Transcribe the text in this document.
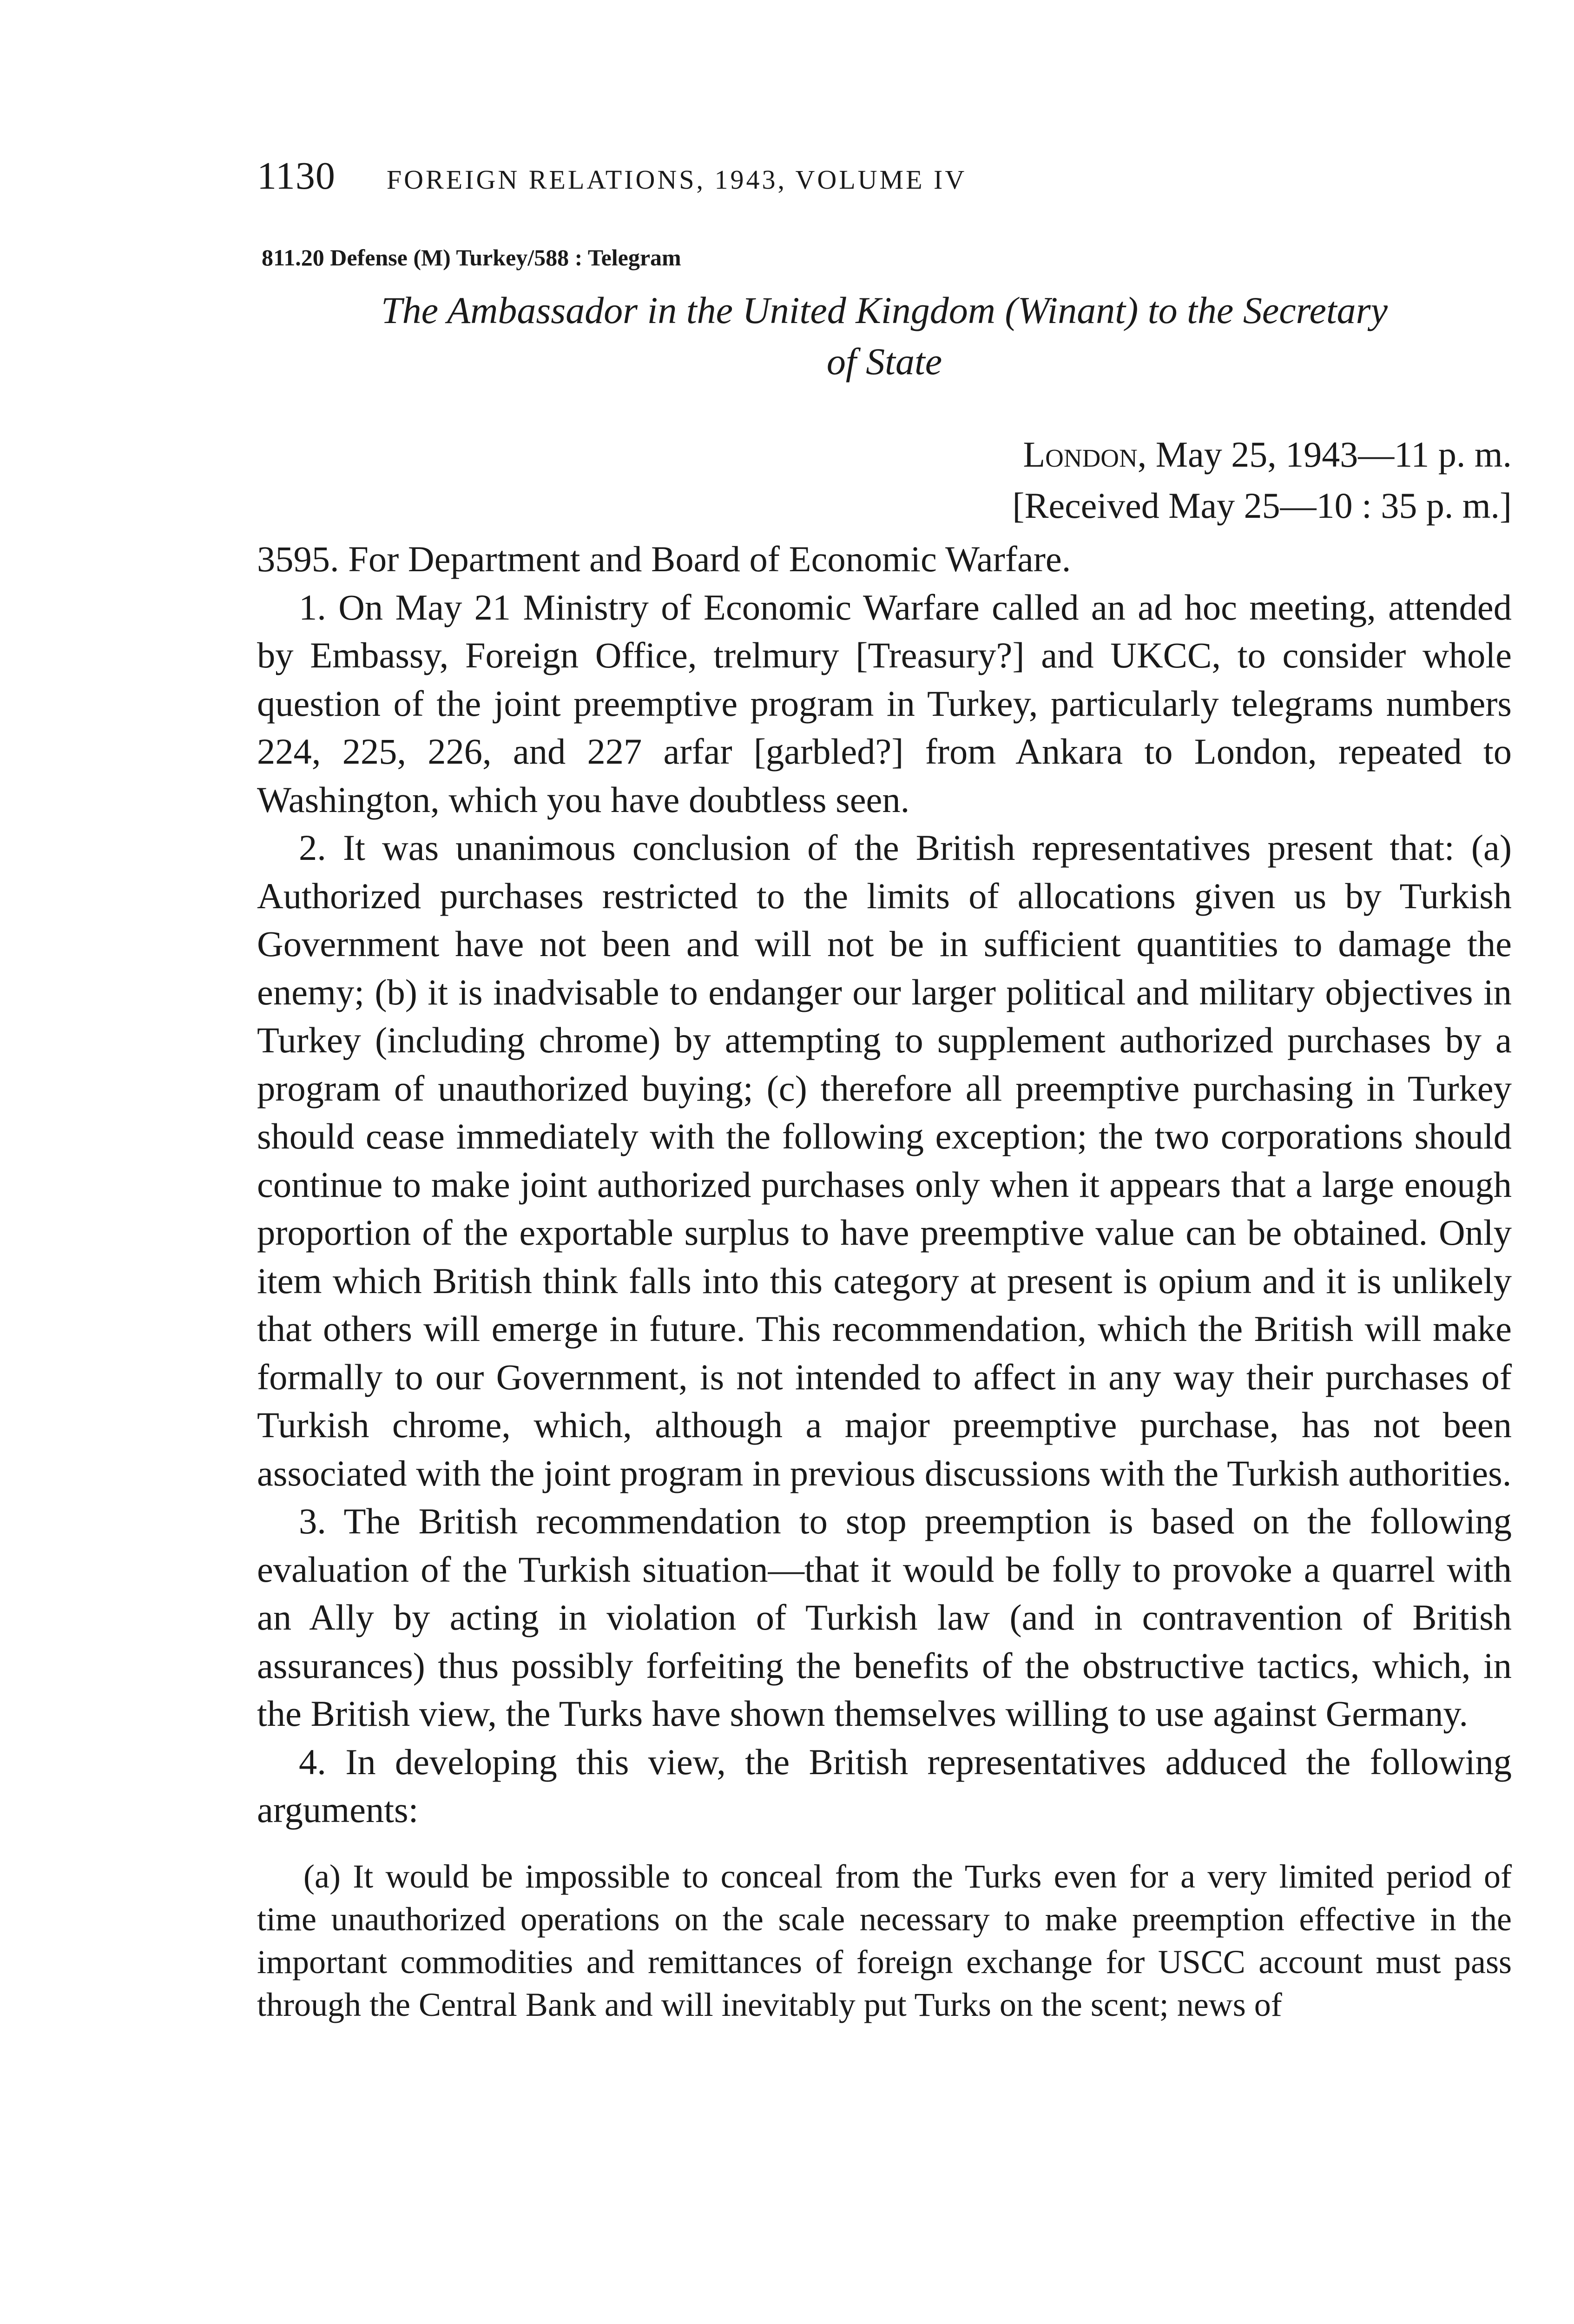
1130 FOREIGN RELATIONS, 1943, VOLUME IV
811.20 Defense (M) Turkey/588 : Telegram
The Ambassador in the United Kingdom (Winant) to the Secretary
of State
London, May 25, 1943—11 p. m.
[Received May 25—10 : 35 p. m.]

3595. For Department and Board of Economic Warfare.

1. On May 21 Ministry of Economic Warfare called an ad hoc meeting, attended by Embassy, Foreign Office, trelmury [Treasury?] and UKCC, to consider whole question of the joint preemptive program in Turkey, particularly telegrams numbers 224, 225, 226, and 227 arfar [garbled?] from Ankara to London, repeated to Washington, which you have doubtless seen.

2. It was unanimous conclusion of the British representatives present that: (a) Authorized purchases restricted to the limits of allocations given us by Turkish Government have not been and will not be in sufficient quantities to damage the enemy; (b) it is inadvisable to endanger our larger political and military objectives in Turkey (including chrome) by attempting to supplement authorized purchases by a program of unauthorized buying; (c) therefore all preemptive purchasing in Turkey should cease immediately with the following exception; the two corporations should continue to make joint authorized purchases only when it appears that a large enough proportion of the exportable surplus to have preemptive value can be obtained. Only item which British think falls into this category at present is opium and it is unlikely that others will emerge in future. This recommendation, which the British will make formally to our Government, is not intended to affect in any way their purchases of Turkish chrome, which, although a major preemptive purchase, has not been associated with the joint program in previous discussions with the Turkish authorities.

3. The British recommendation to stop preemption is based on the following evaluation of the Turkish situation—that it would be folly to provoke a quarrel with an Ally by acting in violation of Turkish law (and in contravention of British assurances) thus possibly forfeiting the benefits of the obstructive tactics, which, in the British view, the Turks have shown themselves willing to use against Germany.

4. In developing this view, the British representatives adduced the following arguments:

(a) It would be impossible to conceal from the Turks even for a very limited period of time unauthorized operations on the scale necessary to make preemption effective in the important commodities and remittances of foreign exchange for USCC account must pass through the Central Bank and will inevitably put Turks on the scent; news of
